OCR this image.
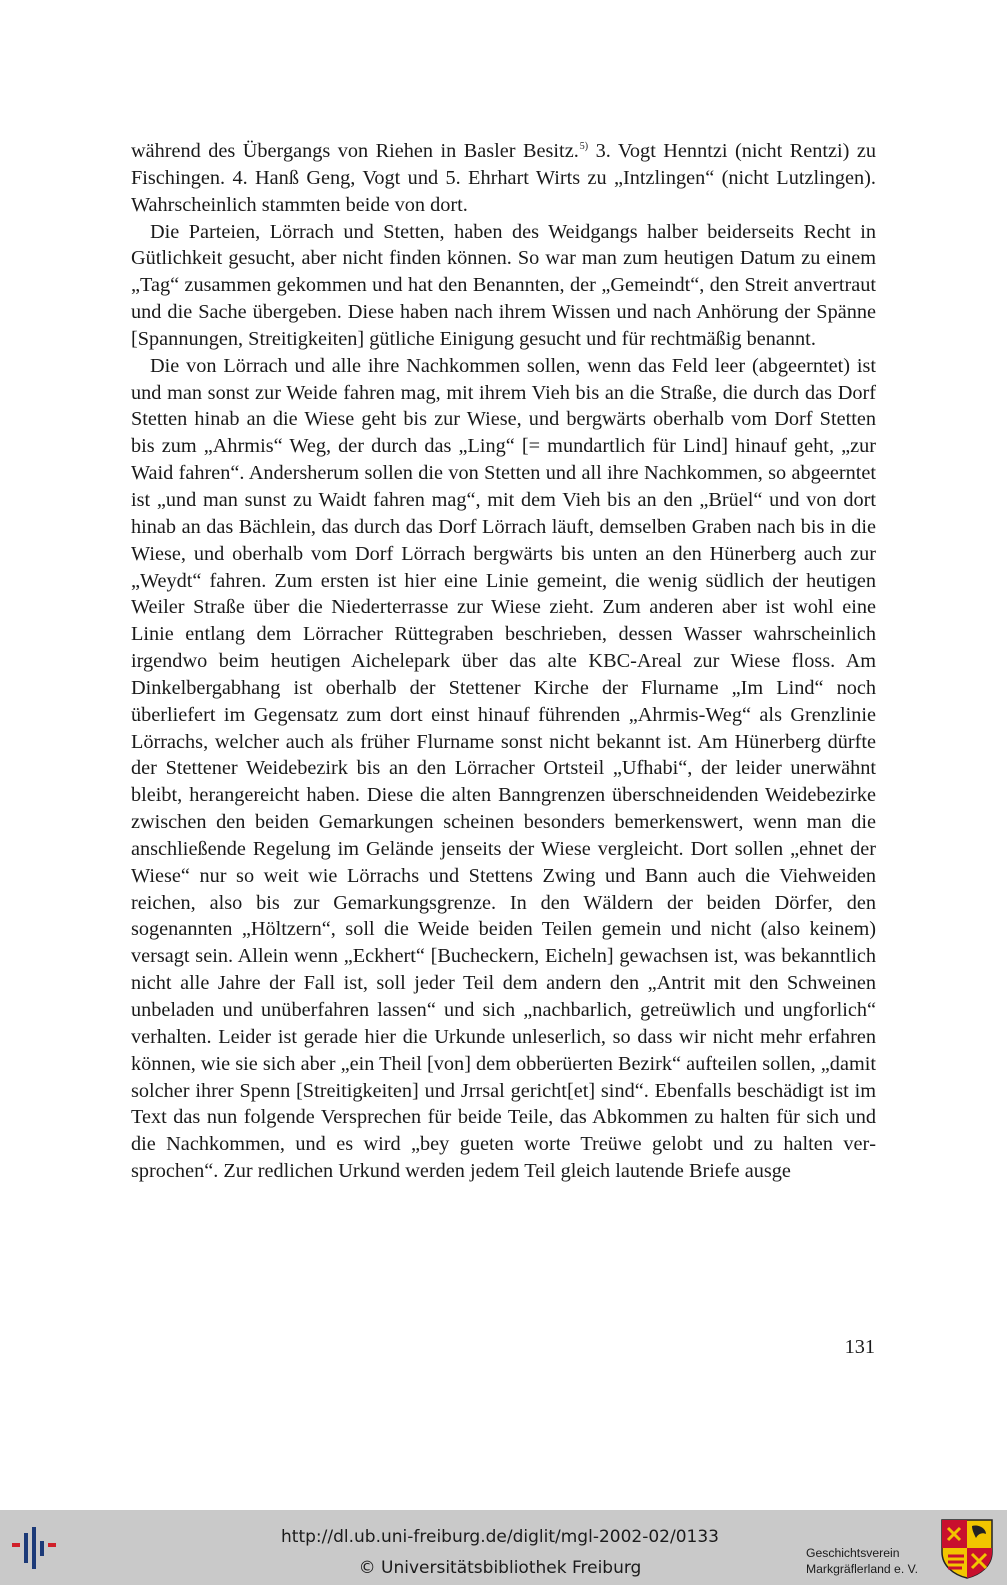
während des Übergangs von Riehen in Basler Besitz.$^{5)}$ 3. Vogt Henntzi (nicht Rentzi) zu Fischingen. 4. Hanß Geng, Vogt und 5. Ehrhart Wirts zu „Intzlingen“ (nicht Lutzlingen). Wahrscheinlich stammten beide von dort.

Die Parteien, Lörrach und Stetten, haben des Weidgangs halber beiderseits Recht in Gütlichkeit gesucht, aber nicht finden können. So war man zum heutigen Datum zu einem „Tag“ zusammen gekommen und hat den Benannten, der „Gemeindt“, den Streit anvertraut und die Sache übergeben. Diese haben nach ihrem Wissen und nach Anhörung der Spänne [Spannungen, Streitigkeiten] gütliche Einigung gesucht und für rechtmäßig benannt.

Die von Lörrach und alle ihre Nachkommen sollen, wenn das Feld leer (abgeerntet) ist und man sonst zur Weide fahren mag, mit ihrem Vieh bis an die Straße, die durch das Dorf Stetten hinab an die Wiese geht bis zur Wiese, und bergwärts oberhalb vom Dorf Stetten bis zum „Ahrmis“ Weg, der durch das „Ling“ [= mundartlich für Lind] hinauf geht, „zur Waid fahren“. Andersherum sollen die von Stetten und all ihre Nachkommen, so abgeerntet ist „und man sunst zu Waidt fahren mag“, mit dem Vieh bis an den „Brüel“ und von dort hinab an das Bächlein, das durch das Dorf Lörrach läuft, demselben Graben nach bis in die Wiese, und oberhalb vom Dorf Lörrach bergwärts bis unten an den Hünerberg auch zur „Weydt“ fahren. Zum ersten ist hier eine Linie gemeint, die wenig südlich der heutigen Weiler Straße über die Niederterrasse zur Wiese zieht. Zum anderen aber ist wohl eine Linie entlang dem Lörracher Rüttegraben beschrieben, dessen Wasser wahrscheinlich irgendwo beim heutigen Aichelepark über das alte KBC-Areal zur Wiese floss. Am Dinkelbergabhang ist oberhalb der Stettener Kirche der Flurname „Im Lind“ noch überliefert im Gegensatz zum dort einst hinauf führenden „Ahrmis-Weg“ als Grenzlinie Lörrachs, welcher auch als früher Flurname sonst nicht bekannt ist. Am Hünerberg dürfte der Stettener Weidebezirk bis an den Lörracher Ortsteil „Ufhabi“, der leider unerwähnt bleibt, herangereicht haben. Diese die alten Banngrenzen überschneidenden Weidebezirke zwischen den beiden Gemarkungen scheinen besonders bemerkenswert, wenn man die anschließende Regelung im Gelände jenseits der Wiese vergleicht. Dort sollen „ehnet der Wiese“ nur so weit wie Lörrachs und Stettens Zwing und Bann auch die Viehweiden reichen, also bis zur Gemarkungsgrenze. In den Wäldern der beiden Dörfer, den sogenannten „Höltzern“, soll die Weide beiden Teilen gemein und nicht (also keinem) versagt sein. Allein wenn „Eckhert“ [Bucheckern, Eicheln] gewachsen ist, was bekanntlich nicht alle Jahre der Fall ist, soll jeder Teil dem andern den „Antrit mit den Schweinen unbeladen und unüberfahren lassen“ und sich „nachbarlich, getreüwlich und ungforlich“ verhalten. Leider ist gerade hier die Urkunde unleserlich, so dass wir nicht mehr erfahren können, wie sie sich aber „ein Theil [von] dem obberüerten Bezirk“ aufteilen sollen, „damit solcher ihrer Spenn [Streitigkeiten] und Jrrsal gericht[et] sind“. Ebenfalls beschädigt ist im Text das nun folgende Versprechen für beide Teile, das Abkommen zu halten für sich und die Nachkommen, und es wird „bey gueten worte Treüwe gelobt und zu halten versprochen“. Zur redlichen Urkund werden jedem Teil gleich lautende Briefe ausge

131
http://dl.ub.uni-freiburg.de/diglit/mgl-2002-02/0133
© Universitätsbibliothek Freiburg
Geschichtsverein
Markgräflerland e. V.
